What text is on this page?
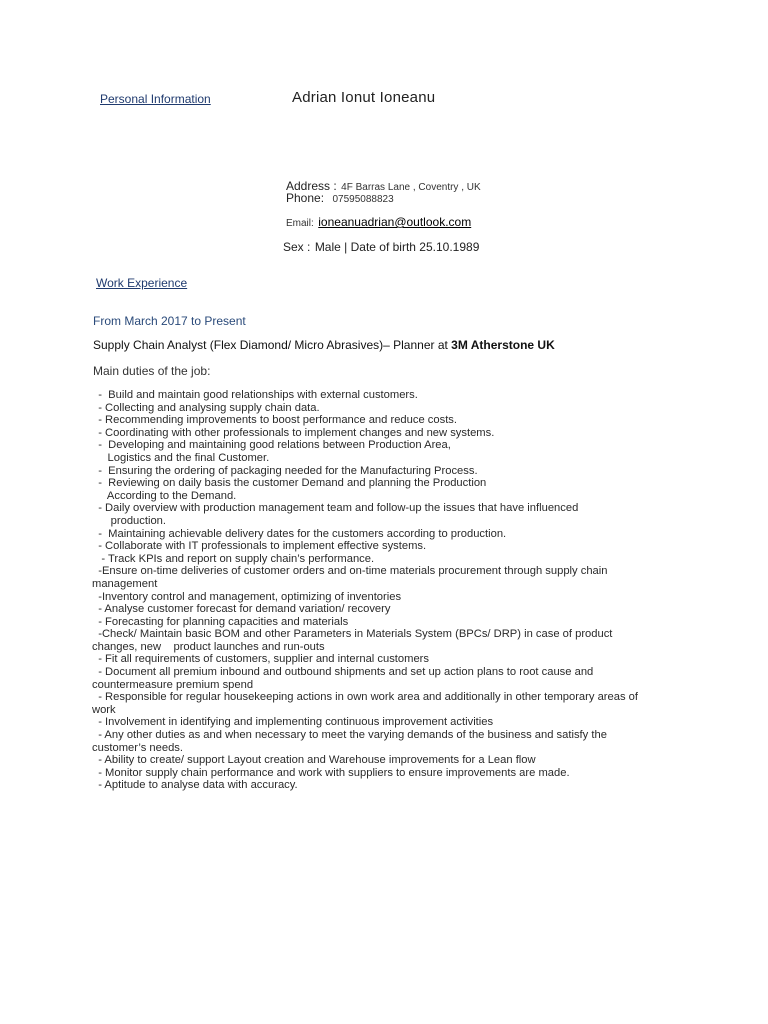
Personal Information	Adrian Ionut Ioneanu
Address : 4F Barras Lane , Coventry , UK
Phone: 07595088823
Email: ioneanuadrian@outlook.com
Sex : Male | Date of birth 25.10.1989
Work Experience
From March 2017 to Present
Supply Chain Analyst (Flex Diamond/ Micro Abrasives)– Planner at 3M Atherstone UK
Main duties of the job:
-  Build and maintain good relationships with external customers.
- Collecting and analysing supply chain data.
- Recommending improvements to boost performance and reduce costs.
- Coordinating with other professionals to implement changes and new systems.
-  Developing and maintaining good relations between Production Area,
Logistics and the final Customer.
-  Ensuring the ordering of packaging needed for the Manufacturing Process.
-  Reviewing on daily basis the customer Demand and planning the Production
According to the Demand.
- Daily overview with production management team and follow-up the issues that have influenced
production.
-  Maintaining achievable delivery dates for the customers according to production.
- Collaborate with IT professionals to implement effective systems.
- Track KPIs and report on supply chain’s performance.
-Ensure on-time deliveries of customer orders and on-time materials procurement through supply chain
management
-Inventory control and management, optimizing of inventories
- Analyse customer forecast for demand variation/ recovery
- Forecasting for planning capacities and materials
-Check/ Maintain basic BOM and other Parameters in Materials System (BPCs/ DRP) in case of product
changes, new    product launches and run-outs
- Fit all requirements of customers, supplier and internal customers
- Document all premium inbound and outbound shipments and set up action plans to root cause and
countermeasure premium spend
- Responsible for regular housekeeping actions in own work area and additionally in other temporary areas of
work
- Involvement in identifying and implementing continuous improvement activities
- Any other duties as and when necessary to meet the varying demands of the business and satisfy the
customer’s needs.
- Ability to create/ support Layout creation and Warehouse improvements for a Lean flow
- Monitor supply chain performance and work with suppliers to ensure improvements are made.
- Aptitude to analyse data with accuracy.
